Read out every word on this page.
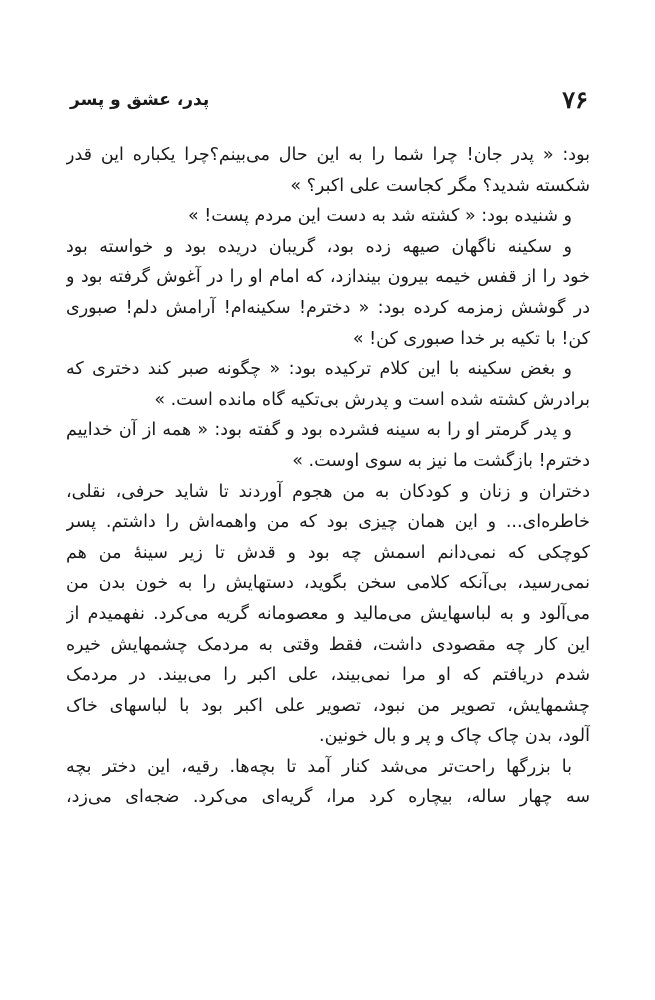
۷۶
پدر، عشق و پسر
بود: « پدر جان! چرا شما را به این حال می‌بینم؟چرا یکباره این قدر
شکسته شدید؟ مگر کجاست علی اکبر؟ »
و شنیده بود: « کشته شد به دست این مردم پست! »
و سکینه ناگهان صیهه زده بود، گریبان دریده بود و خواسته بود
خود را از قفس خیمه بیرون بیندازد، که امام او را در آغوش گرفته بود و
در گوشش زمزمه کرده بود: « دخترم! سکینه‌ام! آرامش دلم! صبوری
کن! با تکیه بر خدا صبوری کن! »
و بغض سکینه با این کلام ترکیده بود: « چگونه صبر کند دختری که
برادرش کشته شده است و پدرش بی‌تکیه گاه مانده است. »
و پدر گرمتر او را به سینه فشرده بود و گفته بود: « همه از آن خداییم
دخترم! بازگشت ما نیز به سوی اوست. »
دختران و زنان و کودکان به من هجوم آوردند تا شاید حرفی، نقلی،
خاطره‌ای... و این همان چیزی بود که من واهمه‌اش را داشتم. پسر
کوچکی که نمی‌دانم اسمش چه بود و قدش تا زیر سینهٔ من هم
نمی‌رسید، بی‌آنکه کلامی سخن بگوید، دستهایش را به خون بدن من
می‌آلود و به لباسهایش می‌مالید و معصومانه گریه می‌کرد. نفهمیدم از
این کار چه مقصودی داشت، فقط وقتی به مردمک چشمهایش خیره
شدم دریافتم که او مرا نمی‌بیند، علی اکبر را می‌بیند. در مردمک
چشمهایش، تصویر من نبود، تصویر علی اکبر بود با لباسهای خاک
آلود، بدن چاک چاک و پر و بال خونین.
با بزرگها راحت‌تر می‌شد کنار آمد تا بچه‌ها. رقیه، این دختر بچه
سه چهار ساله، بیچاره کرد مرا، گریه‌ای می‌کرد. ضجه‌ای می‌زد،
